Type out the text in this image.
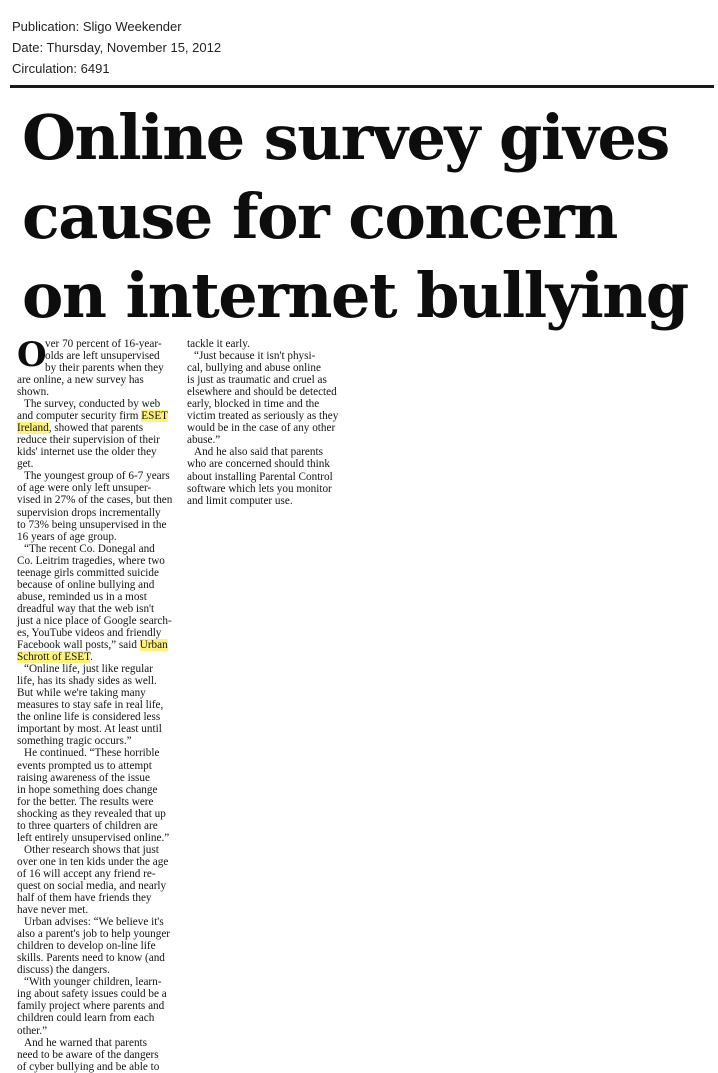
Publication: Sligo Weekender
Date: Thursday, November 15, 2012
Circulation: 6491
Online survey gives
cause for concern
on internet bullying
O
ver 70 percent of 16-year-
olds are left unsupervised
by their parents when they
are online, a new survey has
shown.
The survey, conducted by web
and computer security firm ESET
Ireland, showed that parents
reduce their supervision of their
kids' internet use the older they
get.
The youngest group of 6-7 years
of age were only left unsuper-
vised in 27% of the cases, but then
supervision drops incrementally
to 73% being unsupervised in the
16 years of age group.
“The recent Co. Donegal and
Co. Leitrim tragedies, where two
teenage girls committed suicide
because of online bullying and
abuse, reminded us in a most
dreadful way that the web isn't
just a nice place of Google search-
es, YouTube videos and friendly
Facebook wall posts,” said Urban
Schrott of ESET.
“Online life, just like regular
life, has its shady sides as well.
But while we're taking many
measures to stay safe in real life,
the online life is considered less
important by most. At least until
something tragic occurs.”
He continued. “These horrible
events prompted us to attempt
raising awareness of the issue
in hope something does change
for the better. The results were
shocking as they revealed that up
to three quarters of children are
left entirely unsupervised online.”
Other research shows that just
over one in ten kids under the age
of 16 will accept any friend re-
quest on social media, and nearly
half of them have friends they
have never met.
Urban advises: “We believe it's
also a parent's job to help younger
children to develop on-line life
skills. Parents need to know (and
discuss) the dangers.
“With younger children, learn-
ing about safety issues could be a
family project where parents and
children could learn from each
other.”
And he warned that parents
need to be aware of the dangers
of cyber bullying and be able to
tackle it early.
“Just because it isn't physi-
cal, bullying and abuse online
is just as traumatic and cruel as
elsewhere and should be detected
early, blocked in time and the
victim treated as seriously as they
would be in the case of any other
abuse.”
And he also said that parents
who are concerned should think
about installing Parental Control
software which lets you monitor
and limit computer use.
